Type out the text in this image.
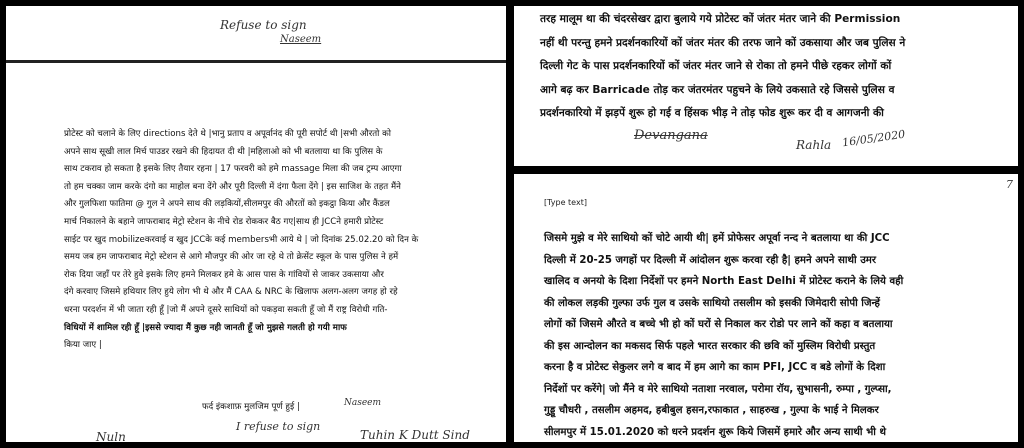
Refuse to sign
Naseem
प्रोटेस्ट को चलाने के लिए directions देते थे |भानु प्रताप व अपूर्वानंद की पूरी सपोर्ट थी |सभी औरतो को
अपने साथ सूखी लाल मिर्च पाउडर रखने की हिदायत दी थी |महिलाओ को भी बतलाया था कि पुलिस के
साथ टकराव हो सकता है इसके लिए तैयार रहना | 17 फरवरी को हमे massage मिला की जब ट्रम्प आएगा
तो हम चक्का जाम करके दंगो का माहोल बना देंगे और पूरी दिल्ली में दंगा फैला देंगे | इस साजिश के तहत मैंने
और गुलफिशा फातिमा @ गुल ने अपने साथ की लड़कियों,सीलमपुर की औरतों को इकट्ठा किया और कैंडल
मार्च निकालने के बहाने जाफराबाद मेट्रो स्टेशन के नीचे रोड रोककर बैठ गए|साथ ही JCCने हमारी प्रोटेस्ट
साईट पर खुद mobilizeकरवाई व खुद JCCके कई membersभी आये थे | जो दिनांक 25.02.20 को दिन के
समय जब हम जाफराबाद मेट्रो स्टेशन से आगे मौजपुर की ओर जा रहे थे तो क्रेसेंट स्कूल के पास पुलिस ने हमें
रोक दिया जहाँ पर तेरे हुवे इसके लिए हमने मिलकर हमे के आस पास के गांवियों से जाकर उकसाया और
दंगे करवाए जिसमे हथियार लिए हुये लोग भी थे और मैं CAA & NRC के खिलाफ अलग-अलग जगह हो रहे
धरना परदर्शन में भी जाता रही हूँ |जो मैं अपने दूसरे साथियों को पकड़वा सकती हूँ जो मैं राष्ट्र विरोधी गति-
विधियों में शामिल रही हूँ |इससे ज्यादा मैं कुछ नही जानती हूँ जो मुझसे गलती हो गयी माफ
किया जाए |
फर्द इंकशाफ़ मुलजिम पूर्ण हुई |	Naseem
I refuse to sign
Tuhin K Dutt Sind
Nuln
तरह मालूम था की चंदरसेखर द्वारा बुलाये गये प्रोटेस्ट कों जंतर मंतर जाने की Permission
नहीं थी परन्तु हमने प्रदर्शनकारियों कों जंतर मंतर की तरफ जाने कों उकसाया और जब पुलिस ने
दिल्ली गेट के पास प्रदर्शनकारियों कों जंतर मंतर जाने से रोका तो हमने पीछे रहकर लोगों कों
आगे बढ़ कर Barricade तोड़ कर जंतरमंतर पहुचने के लिये उकसाते रहे जिससे पुलिस व
प्रदर्शनकारियो में झड़पें शुरू हो गई व हिंसक भीड़ ने तोड़ फोड शुरू कर दी व आगजनी की
Devangana
Rahla 16/05/2020
[Type text]
7
जिसमे मुझे व मेरे साथियो कों चोटे आयी थी| हमें प्रोफेसर अपूर्वा नन्द ने बतलाया था की JCC
दिल्ली में 20-25 जगहों पर दिल्ली में आंदोलन शुरू करवा रही है| हमने अपने साथी उमर
खालिद व अनयो के दिशा निर्देशों पर हमने North East Delhi में प्रोटेस्ट कराने के लिये वही
की लोकल लड़की गुल्फा उर्फ गुल व उसके साथियो तसलीम को इसकी जिमेदारी सोपी जिन्हें
लोगों कों जिसमे औरते व बच्चे भी हो कों घरों से निकाल कर रोडो पर लाने कों कहा व बतलाया
की इस आन्दोलन का मकसद सिर्फ पहले भारत सरकार की छवि कों मुस्लिम विरोधी प्रस्तुत
करना है व प्रोटेस्ट सेकुलर लगे व बाद में हम आगे का काम PFI, JCC व बडे लोगों के दिशा
निर्देशों पर करेंगे| जो मैंने व मेरे साथियो नताशा नरवाल, परोमा रॉय, सुभासनी, रुम्पा , गुल्प्सा,
गुड्डू चौधरी , तसलीम अहमद, हबीबुल हसन,रफाकात , साहरुख , गुल्पा के भाई ने मिलकर
सीलमपुर में 15.01.2020 को धरने प्रदर्शन शुरू किये जिसमें हमारे और अन्य साथी भी थे
